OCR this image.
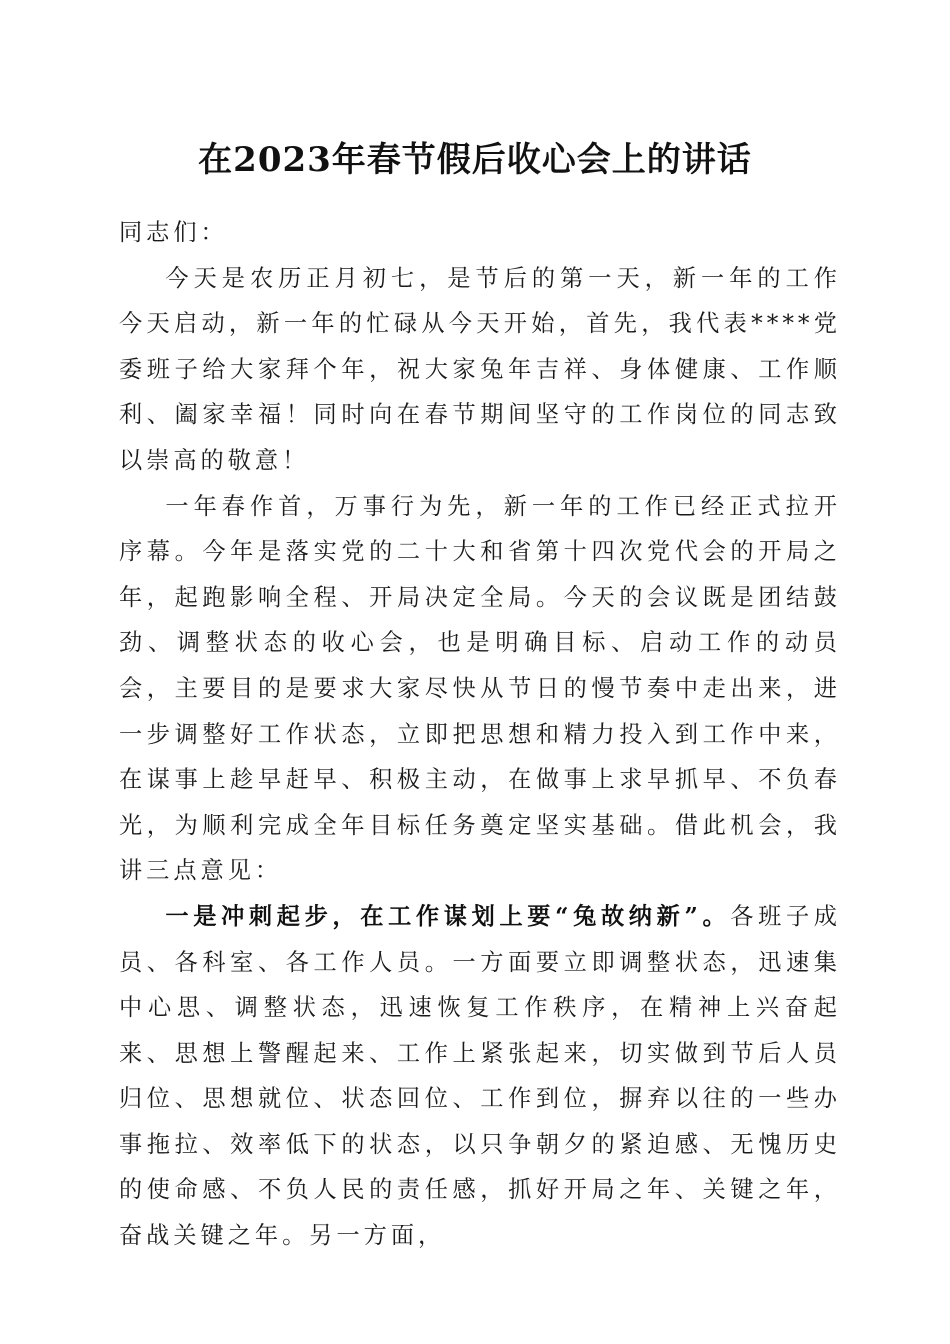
在2023年春节假后收心会上的讲话

同志们：

今天是农历正月初七，是节后的第一天，新一年的工作今天启动，新一年的忙碌从今天开始，首先，我代表****党委班子给大家拜个年，祝大家兔年吉祥、身体健康、工作顺利、阖家幸福！同时向在春节期间坚守的工作岗位的同志致以崇高的敬意！

一年春作首，万事行为先，新一年的工作已经正式拉开序幕。今年是落实党的二十大和省第十四次党代会的开局之年，起跑影响全程、开局决定全局。今天的会议既是团结鼓劲、调整状态的收心会，也是明确目标、启动工作的动员会，主要目的是要求大家尽快从节日的慢节奏中走出来，进一步调整好工作状态，立即把思想和精力投入到工作中来，在谋事上趁早赶早、积极主动，在做事上求早抓早、不负春光，为顺利完成全年目标任务奠定坚实基础。借此机会，我讲三点意见：

一是冲刺起步，在工作谋划上要“兔故纳新”。各班子成员、各科室、各工作人员。一方面要立即调整状态，迅速集中心思、调整状态，迅速恢复工作秩序，在精神上兴奋起来、思想上警醒起来、工作上紧张起来，切实做到节后人员归位、思想就位、状态回位、工作到位，摒弃以往的一些办事拖拉、效率低下的状态，以只争朝夕的紧迫感、无愧历史的使命感、不负人民的责任感，抓好开局之年、关键之年，奋战关键之年。另一方面，
